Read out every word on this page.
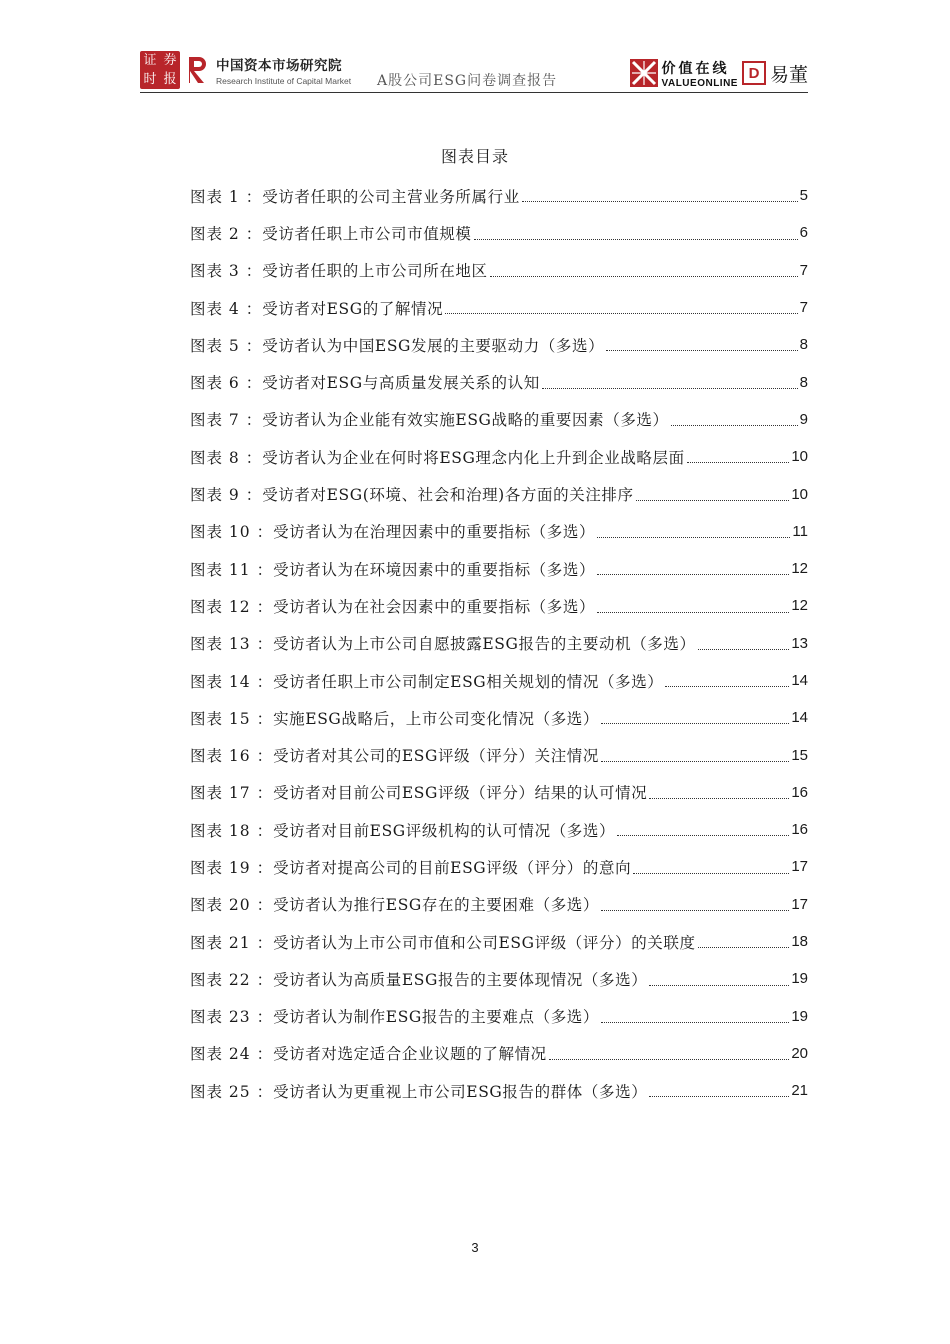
证 券
时 报
中国资本市场研究院
Research Institute of Capital Market A股公司ESG问卷调查报告
价值在线
VALUEONLINE
D 易董
图表目录
图表 1 ： 受访者任职的公司主营业务所属行业	5
图表 2 ： 受访者任职上市公司市值规模	6
图表 3 ： 受访者任职的上市公司所在地区	7
图表 4 ： 受访者对ESG的了解情况	7
图表 5 ： 受访者认为中国ESG发展的主要驱动力（多选）	8
图表 6 ： 受访者对ESG与高质量发展关系的认知	8
图表 7 ： 受访者认为企业能有效实施ESG战略的重要因素（多选）	9
图表 8 ： 受访者认为企业在何时将ESG理念内化上升到企业战略层面	10
图表 9 ： 受访者对ESG(环境、社会和治理)各方面的关注排序	10
图表 10 ： 受访者认为在治理因素中的重要指标（多选）	11
图表 11 ： 受访者认为在环境因素中的重要指标（多选）	12
图表 12 ： 受访者认为在社会因素中的重要指标（多选）	12
图表 13 ： 受访者认为上市公司自愿披露ESG报告的主要动机（多选）	13
图表 14 ： 受访者任职上市公司制定ESG相关规划的情况（多选）	14
图表 15 ： 实施ESG战略后，上市公司变化情况（多选）	14
图表 16 ： 受访者对其公司的ESG评级（评分）关注情况	15
图表 17 ： 受访者对目前公司ESG评级（评分）结果的认可情况	16
图表 18 ： 受访者对目前ESG评级机构的认可情况（多选）	16
图表 19 ： 受访者对提高公司的目前ESG评级（评分）的意向	17
图表 20 ： 受访者认为推行ESG存在的主要困难（多选）	17
图表 21 ： 受访者认为上市公司市值和公司ESG评级（评分）的关联度	18
图表 22 ： 受访者认为高质量ESG报告的主要体现情况（多选）	19
图表 23 ： 受访者认为制作ESG报告的主要难点（多选）	19
图表 24 ： 受访者对选定适合企业议题的了解情况	20
图表 25 ： 受访者认为更重视上市公司ESG报告的群体（多选）	21
3
